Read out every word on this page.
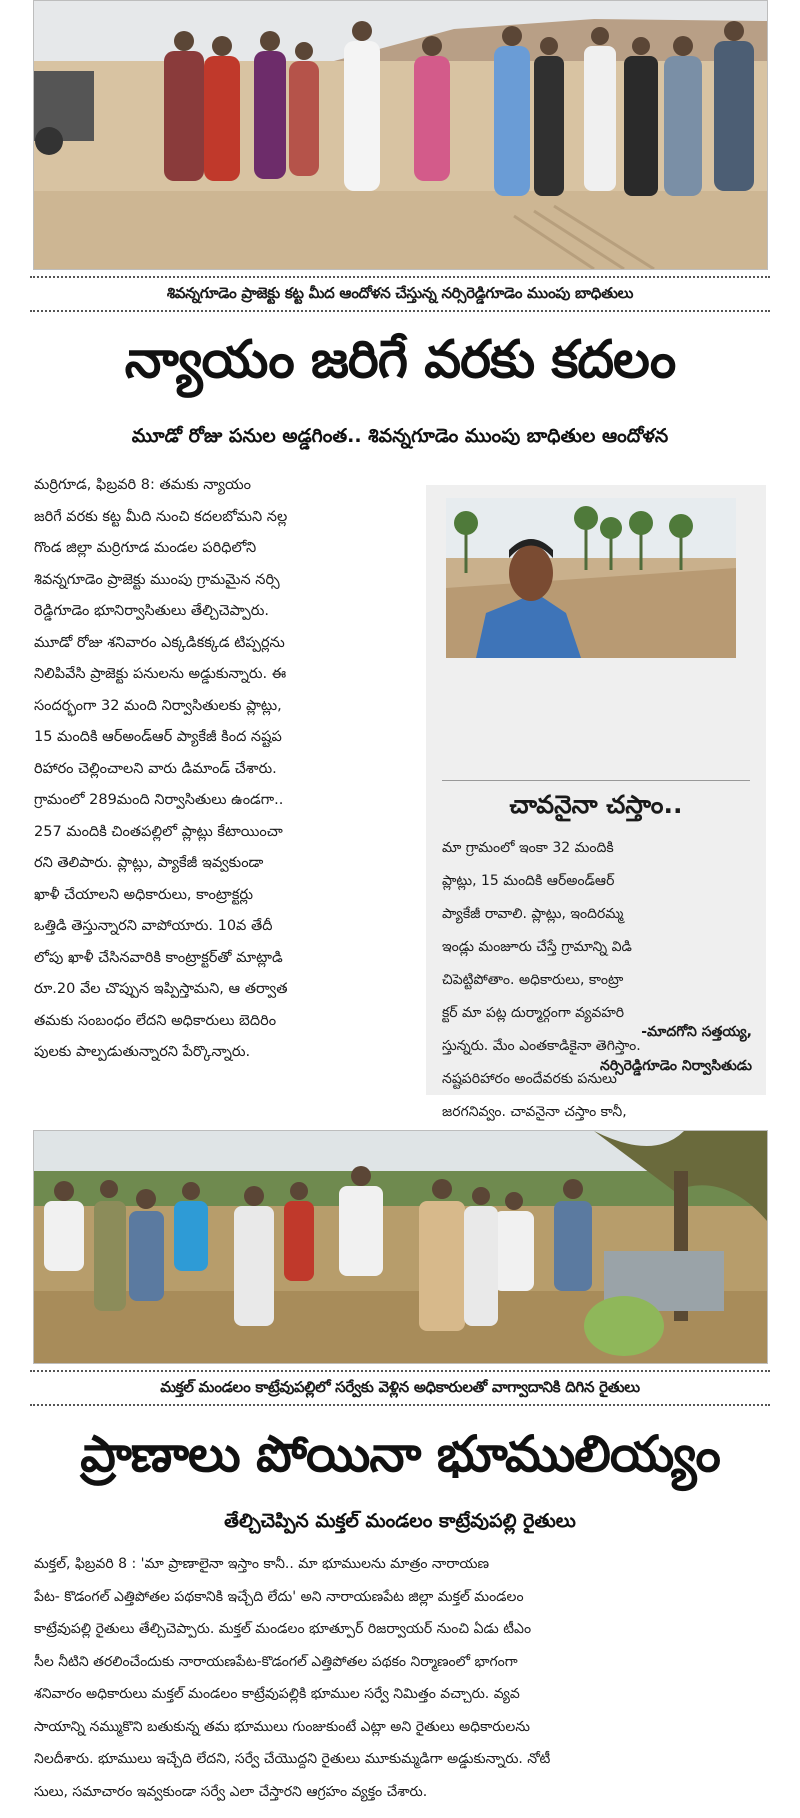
శివన్నగూడెం ప్రాజెక్టు కట్ట మీద ఆందోళన చేస్తున్న నర్సిరెడ్డిగూడెం ముంపు బాధితులు
న్యాయం జరిగే వరకు కదలం
మూడో రోజు పనుల అడ్డగింత.. శివన్నగూడెం ముంపు బాధితుల ఆందోళన
మర్రిగూడ, ఫిబ్రవరి 8: తమకు న్యాయం
జరిగే వరకు కట్ట మీది నుంచి కదలబోమని నల్ల
గొండ జిల్లా మర్రిగూడ మండల పరిధిలోని
శివన్నగూడెం ప్రాజెక్టు ముంపు గ్రామమైన నర్సి
రెడ్డిగూడెం భూనిర్వాసితులు తేల్చిచెప్పారు.
మూడో రోజు శనివారం ఎక్కడికక్కడ టిప్పర్లను
నిలిపివేసి ప్రాజెక్టు పనులను అడ్డుకున్నారు. ఈ
సందర్భంగా 32 మంది నిర్వాసితులకు ప్లాట్లు,
15 మందికి ఆర్‌అండ్‌ఆర్ ప్యాకేజీ కింద నష్టప
రిహారం చెల్లించాలని వారు డిమాండ్ చేశారు.
గ్రామంలో 289మంది నిర్వాసితులు ఉండగా..
257 మందికి చింతపల్లిలో ప్లాట్లు కేటాయించా
రని తెలిపారు. ప్లాట్లు, ప్యాకేజీ ఇవ్వకుండా
ఖాళీ చేయాలని అధికారులు, కాంట్రాక్టర్లు
ఒత్తిడి తెస్తున్నారని వాపోయారు. 10వ తేదీ
లోపు ఖాళీ చేసినవారికి కాంట్రాక్టర్‌తో మాట్లాడి
రూ.20 వేల చొప్పున ఇప్పిస్తామని, ఆ తర్వాత
తమకు సంబంధం లేదని అధికారులు బెదిరిం
పులకు పాల్పడుతున్నారని పేర్కొన్నారు.
చావనైనా చస్తాం..
మా గ్రామంలో ఇంకా 32 మందికి
ప్లాట్లు, 15 మందికి ఆర్‌అండ్‌ఆర్
ప్యాకేజీ రావాలి. ప్లాట్లు, ఇందిరమ్మ
ఇండ్లు మంజూరు చేస్తే గ్రామాన్ని విడి
చిపెట్టిపోతాం. అధికారులు, కాంట్రా
క్టర్ మా పట్ల దుర్మార్గంగా వ్యవహరి
స్తున్నరు. మేం ఎంతకాడికైనా తెగిస్తాం.
నష్టపరిహారం అందేవరకు పనులు
జరగనివ్వం. చావనైనా చస్తాం కానీ,
-మాదగోని సత్తయ్య,
నర్సిరెడ్డిగూడెం నిర్వాసితుడు
మక్తల్ మండలం కాట్రేవుపల్లిలో సర్వేకు వెళ్లిన అధికారులతో వాగ్వాదానికి దిగిన రైతులు
ప్రాణాలు పోయినా భూములియ్యం
తేల్చిచెప్పిన మక్తల్ మండలం కాట్రేవుపల్లి రైతులు
మక్తల్, ఫిబ్రవరి 8 : 'మా ప్రాణాలైనా ఇస్తాం కానీ.. మా భూములను మాత్రం నారాయణ
పేట- కొడంగల్ ఎత్తిపోతల పథకానికి ఇచ్చేది లేదు' అని నారాయణపేట జిల్లా మక్తల్ మండలం
కాట్రేవుపల్లి రైతులు తేల్చిచెప్పారు. మక్తల్ మండలం భూత్పూర్ రిజర్వాయర్ నుంచి ఏడు టీఎం
సీల నీటిని తరలించేందుకు నారాయణపేట-కొడంగల్ ఎత్తిపోతల పథకం నిర్మాణంలో భాగంగా
శనివారం అధికారులు మక్తల్ మండలం కాట్రేవుపల్లికి భూముల సర్వే నిమిత్తం వచ్చారు. వ్యవ
సాయాన్ని నమ్ముకొని బతుకున్న తమ భూములు గుంజుకుంటే ఎట్లా అని రైతులు అధికారులను
నిలదీశారు. భూములు ఇచ్చేది లేదని, సర్వే చేయొద్దని రైతులు మూకుమ్మడిగా అడ్డుకున్నారు. నోటీ
సులు, సమాచారం ఇవ్వకుండా సర్వే ఎలా చేస్తారని ఆగ్రహం వ్యక్తం చేశారు.
